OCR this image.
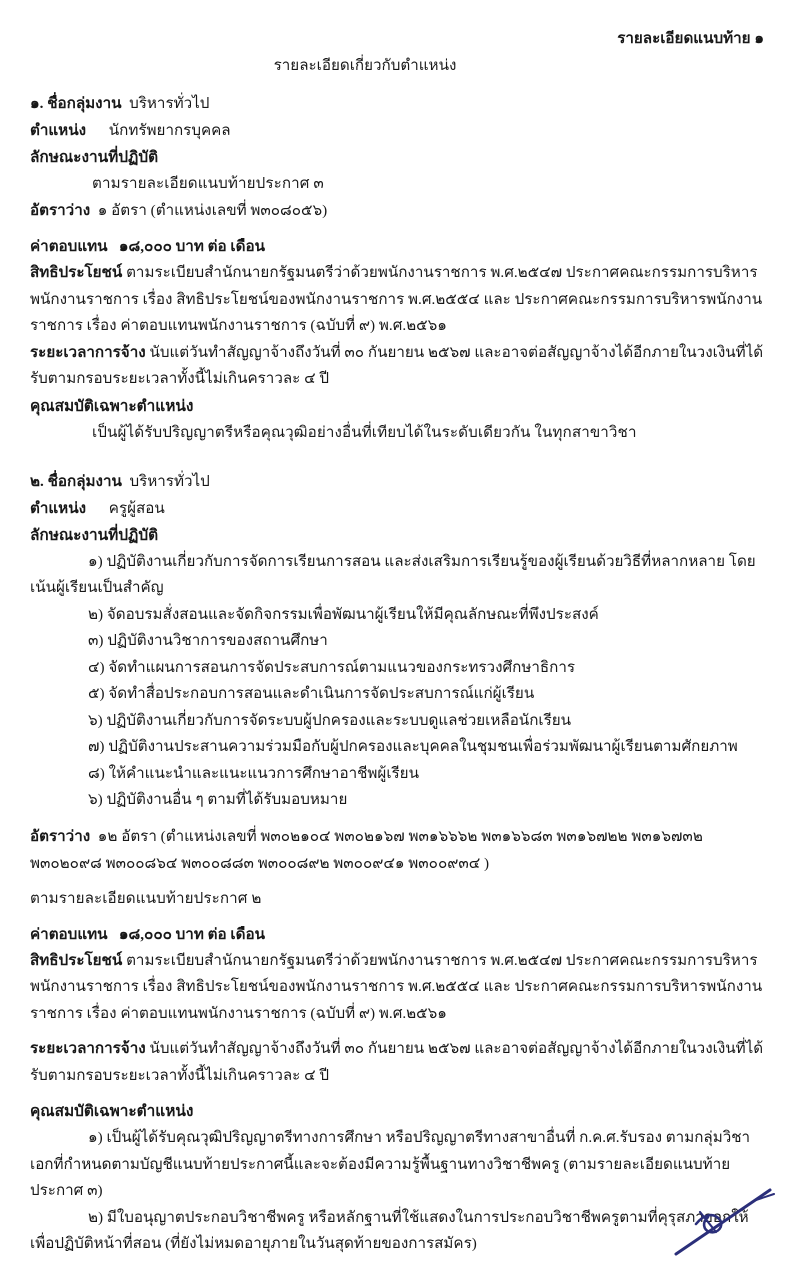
รายละเอียดแนบท้าย ๑
รายละเอียดเกี่ยวกับตำแหน่ง
๑. ชื่อกลุ่มงาน บริหารทั่วไป
ตำแหน่ง นักทรัพยากรบุคคล
ลักษณะงานที่ปฏิบัติ
ตามรายละเอียดแนบท้ายประกาศ ๓
อัตราว่าง ๑ อัตรา (ตำแหน่งเลขที่ พ๓๐๘๐๕๖)
ค่าตอบแทน ๑๘,๐๐๐ บาท ต่อ เดือน
สิทธิประโยชน์ ตามระเบียบสำนักนายกรัฐมนตรีว่าด้วยพนักงานราชการ พ.ศ.๒๕๔๗ ประกาศคณะกรรมการบริหารพนักงานราชการ เรื่อง สิทธิประโยชน์ของพนักงานราชการ พ.ศ.๒๕๕๔ และ ประกาศคณะกรรมการบริหารพนักงานราชการ เรื่อง ค่าตอบแทนพนักงานราชการ (ฉบับที่ ๙) พ.ศ.๒๕๖๑
ระยะเวลาการจ้าง นับแต่วันทำสัญญาจ้างถึงวันที่ ๓๐ กันยายน ๒๕๖๗ และอาจต่อสัญญาจ้างได้อีกภายในวงเงินที่ได้รับตามกรอบระยะเวลาทั้งนี้ไม่เกินคราวละ ๔ ปี
คุณสมบัติเฉพาะตำแหน่ง
เป็นผู้ได้รับปริญญาตรีหรือคุณวุฒิอย่างอื่นที่เทียบได้ในระดับเดียวกัน ในทุกสาขาวิชา
๒. ชื่อกลุ่มงาน บริหารทั่วไป
ตำแหน่ง ครูผู้สอน
ลักษณะงานที่ปฏิบัติ
๑) ปฏิบัติงานเกี่ยวกับการจัดการเรียนการสอน และส่งเสริมการเรียนรู้ของผู้เรียนด้วยวิธีที่หลากหลาย โดยเน้นผู้เรียนเป็นสำคัญ
๒) จัดอบรมสั่งสอนและจัดกิจกรรมเพื่อพัฒนาผู้เรียนให้มีคุณลักษณะที่พึงประสงค์
๓) ปฏิบัติงานวิชาการของสถานศึกษา
๔) จัดทำแผนการสอนการจัดประสบการณ์ตามแนวของกระทรวงศึกษาธิการ
๕) จัดทำสื่อประกอบการสอนและดำเนินการจัดประสบการณ์แก่ผู้เรียน
๖) ปฏิบัติงานเกี่ยวกับการจัดระบบผู้ปกครองและระบบดูแลช่วยเหลือนักเรียน
๗) ปฏิบัติงานประสานความร่วมมือกับผู้ปกครองและบุคคลในชุมชนเพื่อร่วมพัฒนาผู้เรียนตามศักยภาพ
๘) ให้คำแนะนำและแนะแนวการศึกษาอาชีพผู้เรียน
๖) ปฏิบัติงานอื่น ๆ ตามที่ได้รับมอบหมาย
อัตราว่าง ๑๒ อัตรา (ตำแหน่งเลขที่ พ๓๐๒๑๐๔ พ๓๐๒๑๖๗ พ๓๑๖๖๖๒ พ๓๑๖๖๘๓ พ๓๑๖๗๒๒ พ๓๑๖๗๓๒
พ๓๐๒๐๙๘ พ๓๐๐๘๖๔ พ๓๐๐๘๘๓ พ๓๐๐๘๙๒ พ๓๐๐๙๔๑ พ๓๐๐๙๓๔ )
ตามรายละเอียดแนบท้ายประกาศ ๒
ค่าตอบแทน ๑๘,๐๐๐ บาท ต่อ เดือน
สิทธิประโยชน์ ตามระเบียบสำนักนายกรัฐมนตรีว่าด้วยพนักงานราชการ พ.ศ.๒๕๔๗ ประกาศคณะกรรมการบริหารพนักงานราชการ เรื่อง สิทธิประโยชน์ของพนักงานราชการ พ.ศ.๒๕๕๔ และ ประกาศคณะกรรมการบริหารพนักงานราชการ เรื่อง ค่าตอบแทนพนักงานราชการ (ฉบับที่ ๙) พ.ศ.๒๕๖๑
ระยะเวลาการจ้าง นับแต่วันทำสัญญาจ้างถึงวันที่ ๓๐ กันยายน ๒๕๖๗ และอาจต่อสัญญาจ้างได้อีกภายในวงเงินที่ได้รับตามกรอบระยะเวลาทั้งนี้ไม่เกินคราวละ ๔ ปี
คุณสมบัติเฉพาะตำแหน่ง
๑) เป็นผู้ได้รับคุณวุฒิปริญญาตรีทางการศึกษา หรือปริญญาตรีทางสาขาอื่นที่ ก.ค.ศ.รับรอง ตามกลุ่มวิชาเอกที่กำหนดตามบัญชีแนบท้ายประกาศนี้และจะต้องมีความรู้พื้นฐานทางวิชาชีพครู (ตามรายละเอียดแนบท้ายประกาศ ๓)
๒) มีใบอนุญาตประกอบวิชาชีพครู หรือหลักฐานที่ใช้แสดงในการประกอบวิชาชีพครูตามที่คุรุสภาออกให้เพื่อปฏิบัติหน้าที่สอน (ที่ยังไม่หมดอายุภายในวันสุดท้ายของการสมัคร)
